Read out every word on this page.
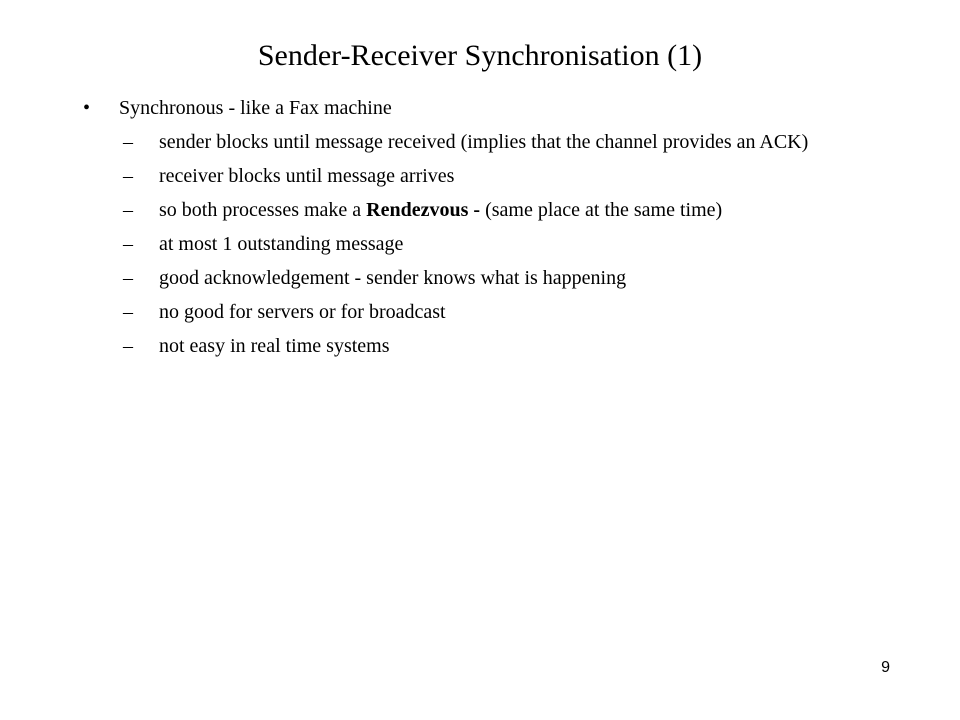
Sender-Receiver Synchronisation (1)
•	Synchronous - like a Fax machine
–	sender blocks until message received (implies that the channel provides an ACK)
–	receiver blocks until message arrives
–	so both processes make a Rendezvous - (same place at the same time)
–	at most 1 outstanding message
–	good acknowledgement - sender knows what is happening
–	no good for servers or for broadcast
–	not easy in real time systems
9
